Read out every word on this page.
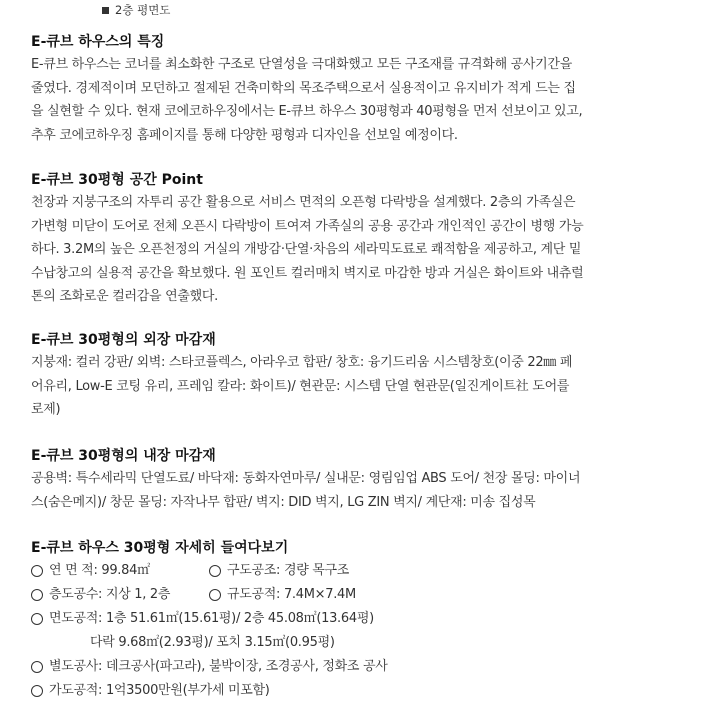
2층 평면도
E-큐브 하우스의 특징

E-큐브 하우스는 코너를 최소화한 구조로 단열성을 극대화했고 모든 구조재를 규격화해 공사기간을
줄였다. 경제적이며 모던하고 절제된 건축미학의 목조주택으로서 실용적이고 유지비가 적게 드는 집
을 실현할 수 있다. 현재 코에코하우징에서는 E-큐브 하우스 30평형과 40평형을 먼저 선보이고 있고,
추후 코에코하우징 홈페이지를 통해 다양한 평형과 디자인을 선보일 예정이다.

E-큐브 30평형 공간 Point

천장과 지붕구조의 자투리 공간 활용으로 서비스 면적의 오픈형 다락방을 설계했다. 2층의 가족실은
가변형 미닫이 도어로 전체 오픈시 다락방이 트여져 가족실의 공용 공간과 개인적인 공간이 병행 가능
하다. 3.2M의 높은 오픈천정의 거실의 개방감·단열·차음의 세라믹도료로 쾌적함을 제공하고, 계단 밑
수납창고의 실용적 공간을 확보했다. 원 포인트 컬러매치 벽지로 마감한 방과 거실은 화이트와 내츄럴
톤의 조화로운 컬러감을 연출했다.

E-큐브 30평형의 외장 마감재

지붕재: 컬러 강판/ 외벽: 스타코플렉스, 아라우코 합판/ 창호: 융기드리움 시스템창호(이중 22㎜ 페
어유리, Low-E 코팅 유리, 프레임 칼라: 화이트)/ 현관문: 시스템 단열 현관문(일진게이트社 도어를
로제)

E-큐브 30평형의 내장 마감재

공용벽: 특수세라믹 단열도료/ 바닥재: 동화자연마루/ 실내문: 영림임업 ABS 도어/ 천장 몰딩: 마이너
스(숨은메지)/ 창문 몰딩: 자작나무 합판/ 벽지: DID 벽지, LG ZIN 벽지/ 계단재: 미송 집성목

E-큐브 하우스 30평형 자세히 들여다보기
연 면 적: 99.84㎡	구도공조: 경량 목구조
층도공수: 지상 1, 2층	규도공적: 7.4M×7.4M
면도공적: 1층 51.61㎡(15.61평)/ 2층 45.08㎡(13.64평)
다락 9.68㎡(2.93평)/ 포치 3.15㎡(0.95평)
별도공사: 데크공사(파고라), 불박이장, 조경공사, 정화조 공사
가도공적: 1억3500만원(부가세 미포함)
